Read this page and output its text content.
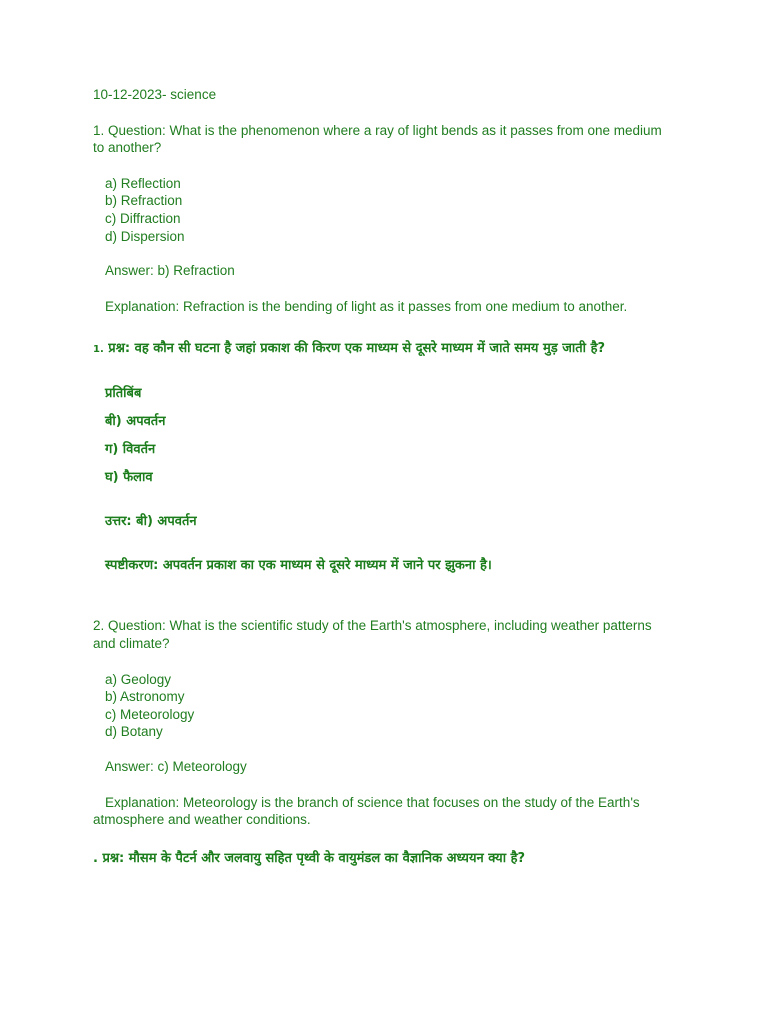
10-12-2023- science

1. Question: What is the phenomenon where a ray of light bends as it passes from one medium to another?

a) Reflection
b) Refraction
c) Diffraction
d) Dispersion

Answer: b) Refraction

Explanation: Refraction is the bending of light as it passes from one medium to another.

1. प्रश्न: वह कौन सी घटना है जहां प्रकाश की किरण एक माध्यम से दूसरे माध्यम में जाते समय मुड़ जाती है?

प्रतिबिंब
बी) अपवर्तन
ग) विवर्तन
घ) फैलाव

उत्तर: बी) अपवर्तन

स्पष्टीकरण: अपवर्तन प्रकाश का एक माध्यम से दूसरे माध्यम में जाने पर झुकना है।

2. Question: What is the scientific study of the Earth's atmosphere, including weather patterns and climate?

a) Geology
b) Astronomy
c) Meteorology
d) Botany

Answer: c) Meteorology

Explanation: Meteorology is the branch of science that focuses on the study of the Earth's atmosphere and weather conditions.

. प्रश्न: मौसम के पैटर्न और जलवायु सहित पृथ्वी के वायुमंडल का वैज्ञानिक अध्ययन क्या है?
